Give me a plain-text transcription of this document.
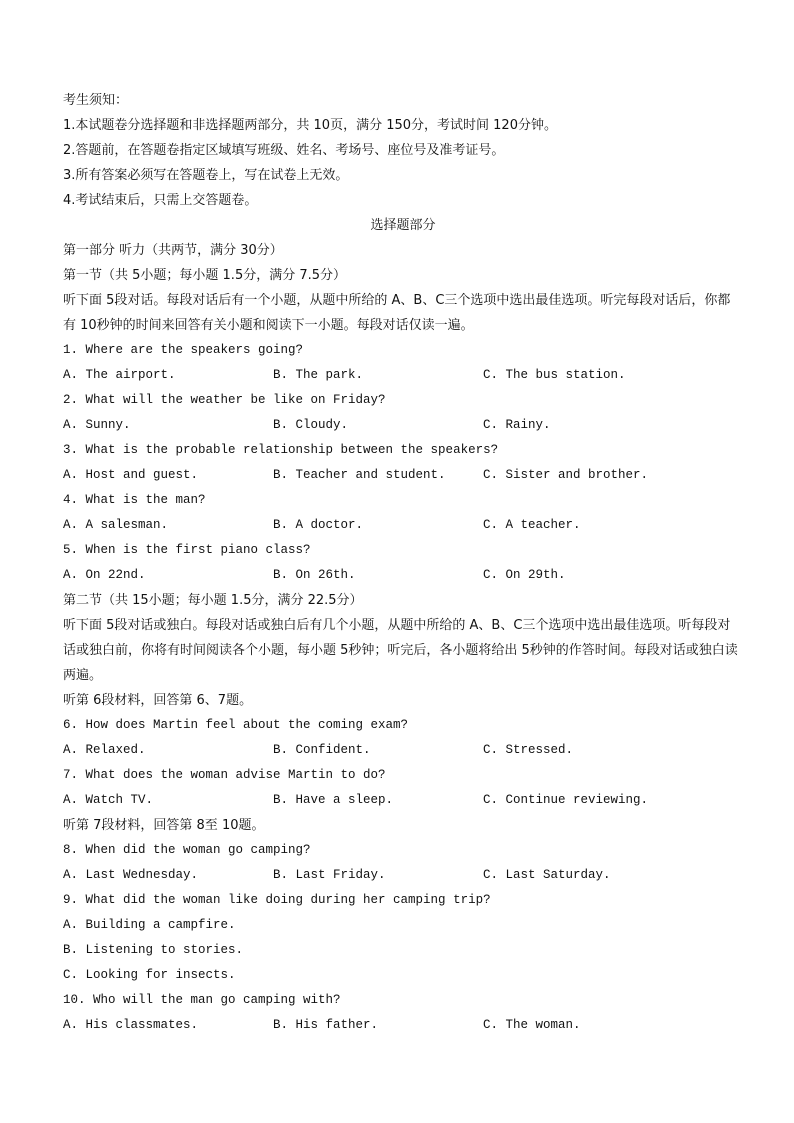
考生须知：
1.本试题卷分选择题和非选择题两部分，共 10页，满分 150分，考试时间 120分钟。
2.答题前，在答题卷指定区域填写班级、姓名、考场号、座位号及准考证号。
3.所有答案必须写在答题卷上，写在试卷上无效。
4.考试结束后，只需上交答题卷。
选择题部分
第一部分 听力（共两节，满分 30分）
第一节（共 5小题；每小题 1.5分，满分 7.5分）
听下面 5段对话。每段对话后有一个小题，从题中所给的 A、B、C三个选项中选出最佳选项。听完每段对话后，你都有 10秒钟的时间来回答有关小题和阅读下一小题。每段对话仅读一遍。
1. Where are the speakers going?
A. The airport.	B. The park.	C. The bus station.
2. What will the weather be like on Friday?
A. Sunny.	B. Cloudy.	C. Rainy.
3. What is the probable relationship between the speakers?
A. Host and guest.	B. Teacher and student.	C. Sister and brother.
4. What is the man?
A. A salesman.	B. A doctor.	C. A teacher.
5. When is the first piano class?
A. On 22nd.	B. On 26th.	C. On 29th.
第二节（共 15小题；每小题 1.5分，满分 22.5分）
听下面 5段对话或独白。每段对话或独白后有几个小题，从题中所给的 A、B、C三个选项中选出最佳选项。听每段对话或独白前，你将有时间阅读各个小题，每小题 5秒钟；听完后，各小题将给出 5秒钟的作答时间。每段对话或独白读两遍。
听第 6段材料，回答第 6、7题。
6. How does Martin feel about the coming exam?
A. Relaxed.	B. Confident.	C. Stressed.
7. What does the woman advise Martin to do?
A. Watch TV.	B. Have a sleep.	C. Continue reviewing.
听第 7段材料，回答第 8至 10题。
8. When did the woman go camping?
A. Last Wednesday.	B. Last Friday.	C. Last Saturday.
9. What did the woman like doing during her camping trip?
A. Building a campfire.
B. Listening to stories.
C. Looking for insects.
10. Who will the man go camping with?
A. His classmates.	B. His father.	C. The woman.
